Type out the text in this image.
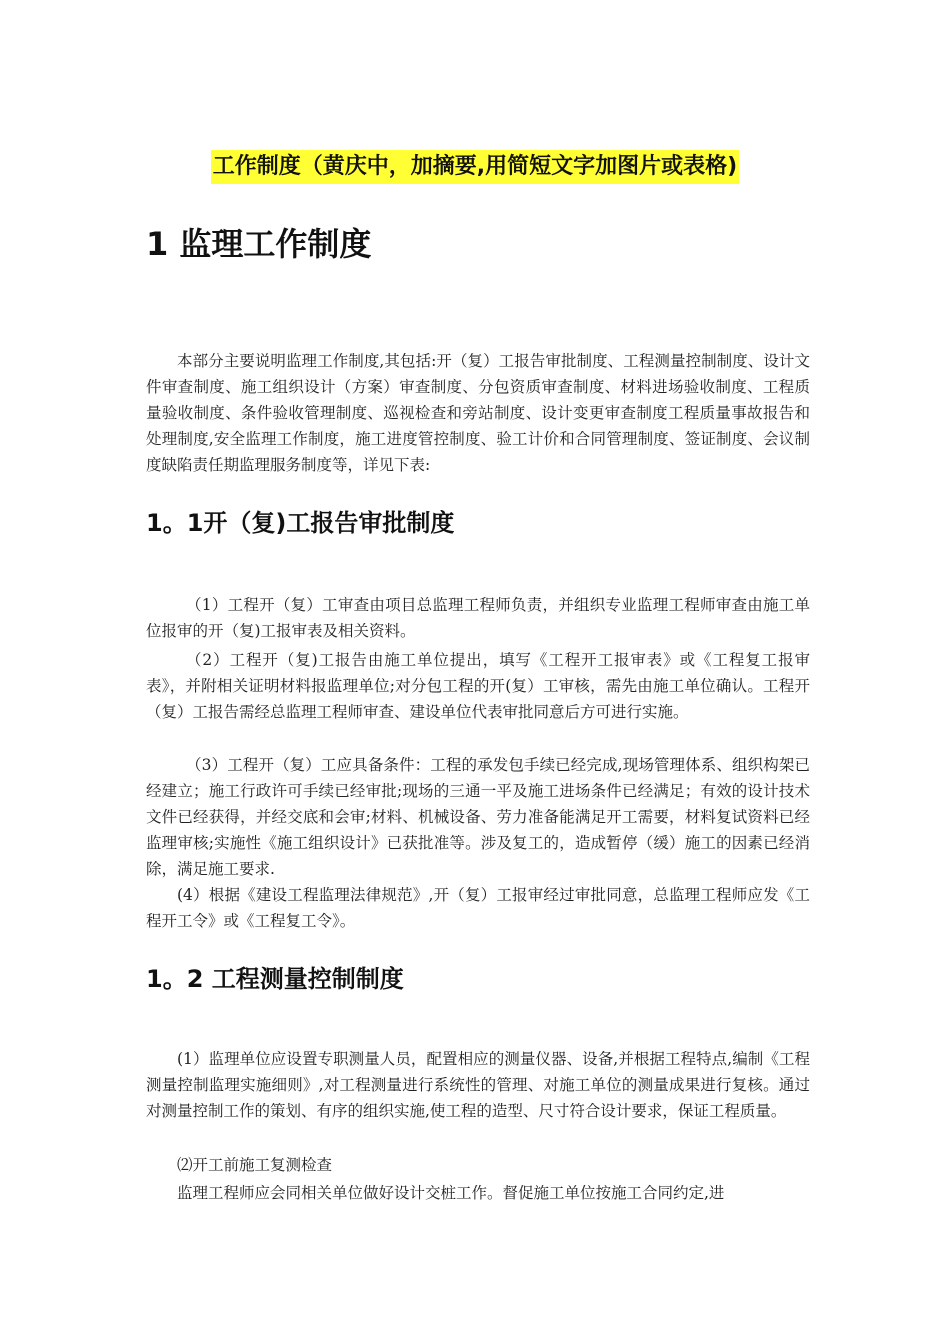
工作制度（黄庆中，加摘要,用简短文字加图片或表格)
1 监理工作制度

本部分主要说明监理工作制度,其包括:开（复）工报告审批制度、工程测量控制制度、设计文件审查制度、施工组织设计（方案）审查制度、分包资质审查制度、材料进场验收制度、工程质量验收制度、条件验收管理制度、巡视检查和旁站制度、设计变更审查制度工程质量事故报告和处理制度,安全监理工作制度，施工进度管控制度、验工计价和合同管理制度、签证制度、会议制度缺陷责任期监理服务制度等，详见下表:

1。1开（复)工报告审批制度

（1）工程开（复）工审查由项目总监理工程师负责，并组织专业监理工程师审查由施工单位报审的开（复)工报审表及相关资料。

（2）工程开（复)工报告由施工单位提出，填写《工程开工报审表》或《工程复工报审表》，并附相关证明材料报监理单位;对分包工程的开(复）工审核，需先由施工单位确认。工程开（复）工报告需经总监理工程师审查、建设单位代表审批同意后方可进行实施。

（3）工程开（复）工应具备条件：工程的承发包手续已经完成,现场管理体系、组织构架已经建立；施工行政许可手续已经审批;现场的三通一平及施工进场条件已经满足；有效的设计技术文件已经获得，并经交底和会审;材料、机械设备、劳力准备能满足开工需要，材料复试资料已经监理审核;实施性《施工组织设计》已获批准等。涉及复工的，造成暂停（缓）施工的因素已经消除，满足施工要求.

(4）根据《建设工程监理法律规范》,开（复）工报审经过审批同意，总监理工程师应发《工程开工令》或《工程复工令》。

1。2 工程测量控制制度

(1）监理单位应设置专职测量人员，配置相应的测量仪器、设备,并根据工程特点,编制《工程测量控制监理实施细则》,对工程测量进行系统性的管理、对施工单位的测量成果进行复核。通过对测量控制工作的策划、有序的组织实施,使工程的造型、尺寸符合设计要求，保证工程质量。

⑵开工前施工复测检查

监理工程师应会同相关单位做好设计交桩工作。督促施工单位按施工合同约定,进
